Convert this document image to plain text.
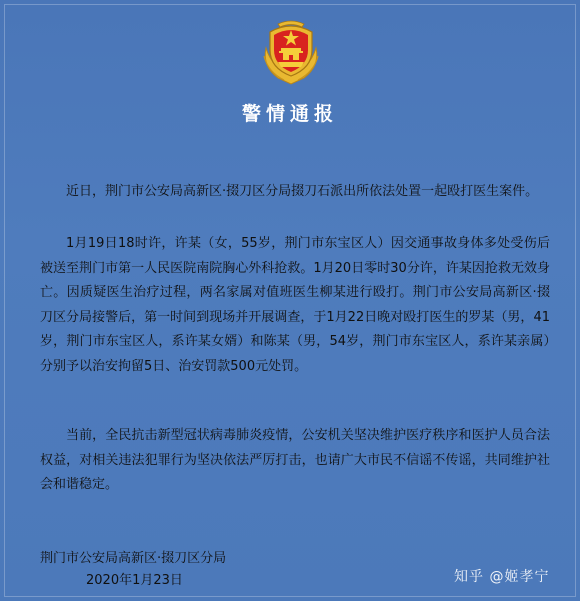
警情通报
近日，荆门市公安局高新区·掇刀区分局掇刀石派出所依法处置一起殴打医生案件。
1月19日18时许，许某（女，55岁，荆门市东宝区人）因交通事故身体多处受伤后被送至荆门市第一人民医院南院胸心外科抢救。1月20日零时30分许，许某因抢救无效身亡。因质疑医生治疗过程，两名家属对值班医生柳某进行殴打。荆门市公安局高新区·掇刀区分局接警后，第一时间到现场并开展调查，于1月22日晚对殴打医生的罗某（男，41岁，荆门市东宝区人，系许某女婿）和陈某（男，54岁，荆门市东宝区人，系许某亲属）分别予以治安拘留5日、治安罚款500元处罚。
当前，全民抗击新型冠状病毒肺炎疫情，公安机关坚决维护医疗秩序和医护人员合法权益，对相关违法犯罪行为坚决依法严厉打击，也请广大市民不信谣不传谣，共同维护社会和谐稳定。
荆门市公安局高新区·掇刀区分局
2020年1月23日	知乎 @姬孝宁
